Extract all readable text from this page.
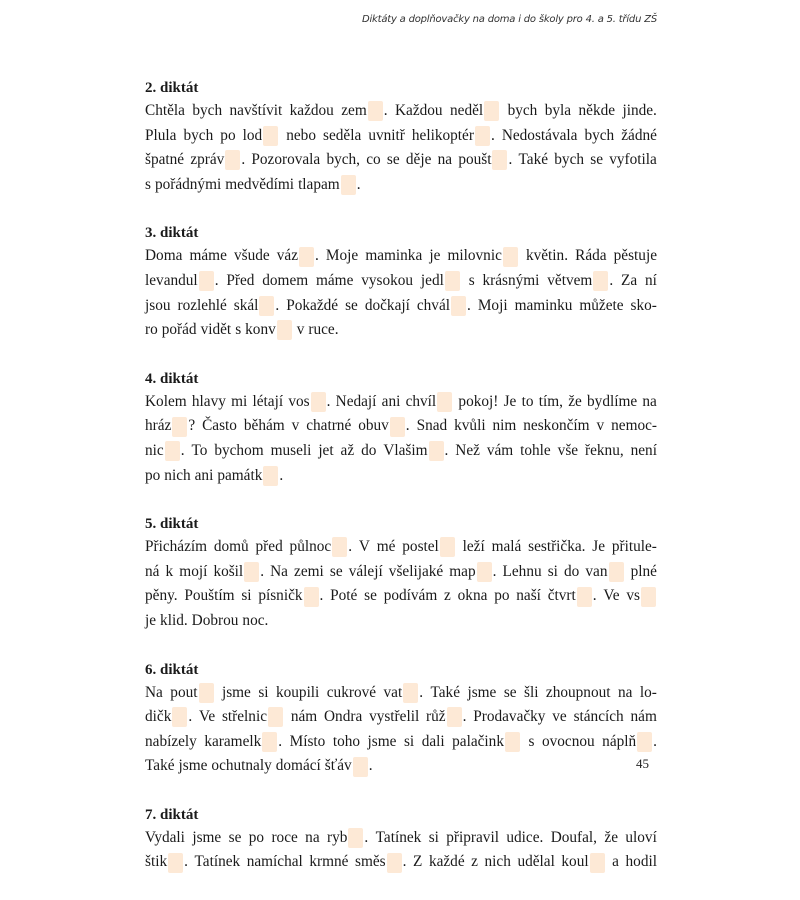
Diktáty a doplňovačky na doma i do školy pro 4. a 5. třídu ZŠ
2. diktát
Chtěla bych navštívit každou zem . Každou neděl bych byla někde jinde.
Plula bych po lod nebo seděla uvnitř helikoptér . Nedostávala bych žádné
špatné zpráv . Pozorovala bych, co se děje na poušt . Také bych se vyfotila
s pořádnými medvědími tlapam .
3. diktát
Doma máme všude váz . Moje maminka je milovnic květin. Ráda pěstuje
levandul . Před domem máme vysokou jedl s krásnými větvem . Za ní
jsou rozlehlé skál . Pokaždé se dočkají chvál . Moji maminku můžete sko-
ro pořád vidět s konv v ruce.
4. diktát
Kolem hlavy mi létají vos . Nedají ani chvíl pokoj! Je to tím, že bydlíme na
hráz ? Často běhám v chatrné obuv . Snad kvůli nim neskončím v nemoc-
nic . To bychom museli jet až do Vlašim . Než vám tohle vše řeknu, není
po nich ani památk .
5. diktát
Přicházím domů před půlnoc . V mé postel leží malá sestřička. Je přitule-
ná k mojí košil . Na zemi se válejí všelijaké map . Lehnu si do van plné
pěny. Pouštím si písničk . Poté se podívám z okna po naší čtvrt . Ve vs
je klid. Dobrou noc.
6. diktát
Na pout jsme si koupili cukrové vat . Také jsme se šli zhoupnout na lo-
dičk . Ve střelnic nám Ondra vystřelil růž . Prodavačky ve stáncích nám
nabízely karamelk . Místo toho jsme si dali palačink s ovocnou náplň .
Také jsme ochutnaly domácí šťáv .
7. diktát
Vydali jsme se po roce na ryb . Tatínek si připravil udice. Doufal, že uloví
štik . Tatínek namíchal krmné směs . Z každé z nich udělal koul a hodil
45
